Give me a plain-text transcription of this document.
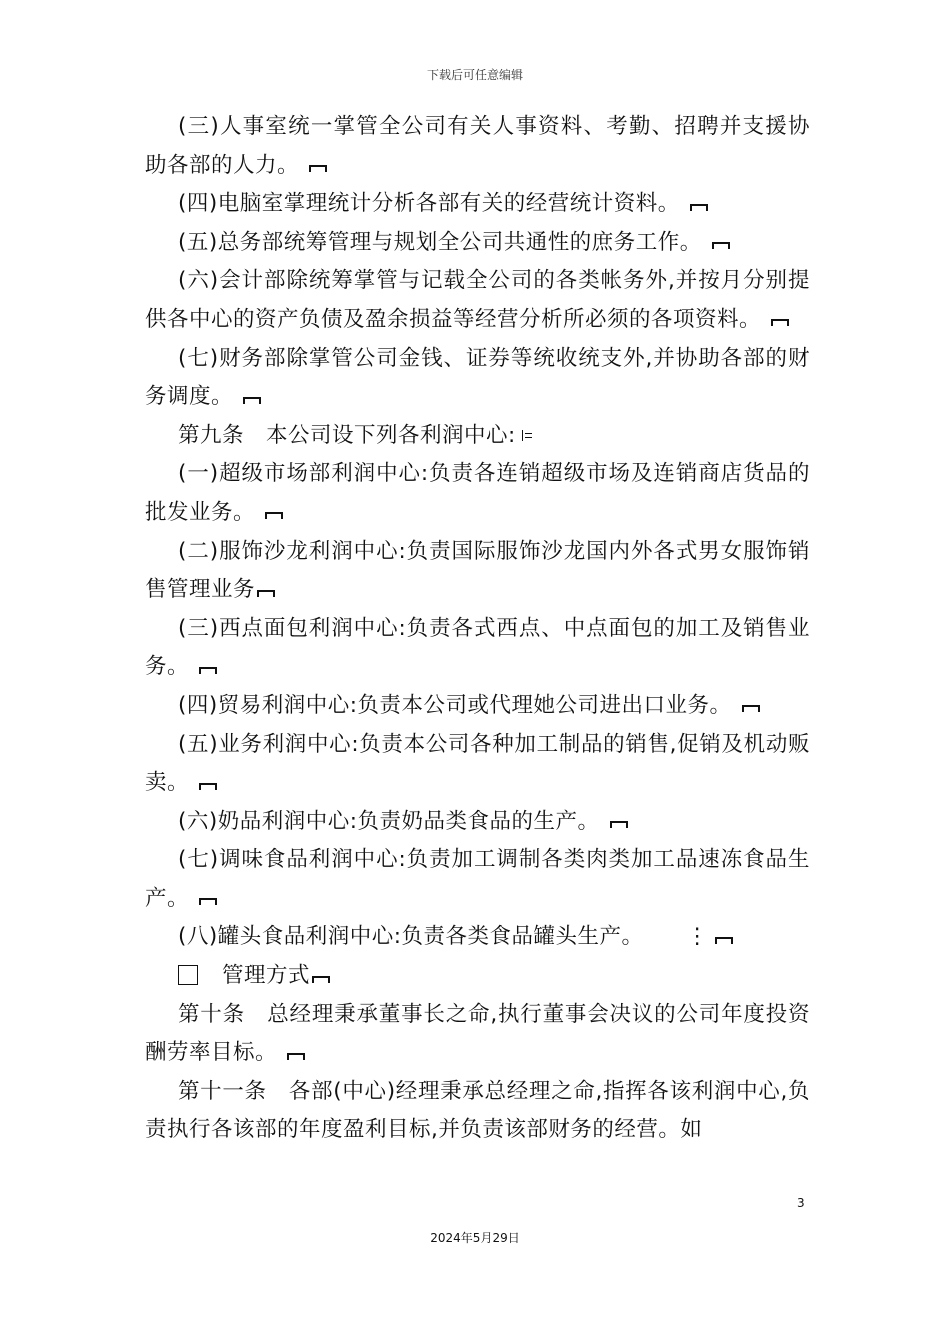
下载后可任意编辑

(三)人事室统一掌管全公司有关人事资料、考勤、招聘并支援协助各部的人力。

(四)电脑室掌理统计分析各部有关的经营统计资料。

(五)总务部统筹管理与规划全公司共通性的庶务工作。

(六)会计部除统筹掌管与记载全公司的各类帐务外,并按月分别提供各中心的资产负债及盈余损益等经营分析所必须的各项资料。

(七)财务部除掌管公司金钱、证券等统收统支外,并协助各部的财务调度。

第九条　本公司设下列各利润中心:

(一)超级市场部利润中心:负责各连销超级市场及连销商店货品的批发业务。

(二)服饰沙龙利润中心:负责国际服饰沙龙国内外各式男女服饰销售管理业务

(三)西点面包利润中心:负责各式西点、中点面包的加工及销售业务。

(四)贸易利润中心:负责本公司或代理她公司进出口业务。

(五)业务利润中心:负责本公司各种加工制品的销售,促销及机动贩卖。

(六)奶品利润中心:负责奶品类食品的生产。

(七)调味食品利润中心:负责加工调制各类肉类加工品速冻食品生产。

(八)罐头食品利润中心:负责各类食品罐头生产。 ⋮

管理方式

第十条　总经理秉承董事长之命,执行董事会决议的公司年度投资酬劳率目标。

第十一条　各部(中心)经理秉承总经理之命,指挥各该利润中心,负责执行各该部的年度盈利目标,并负责该部财务的经营。如

3
2024年5月29日
